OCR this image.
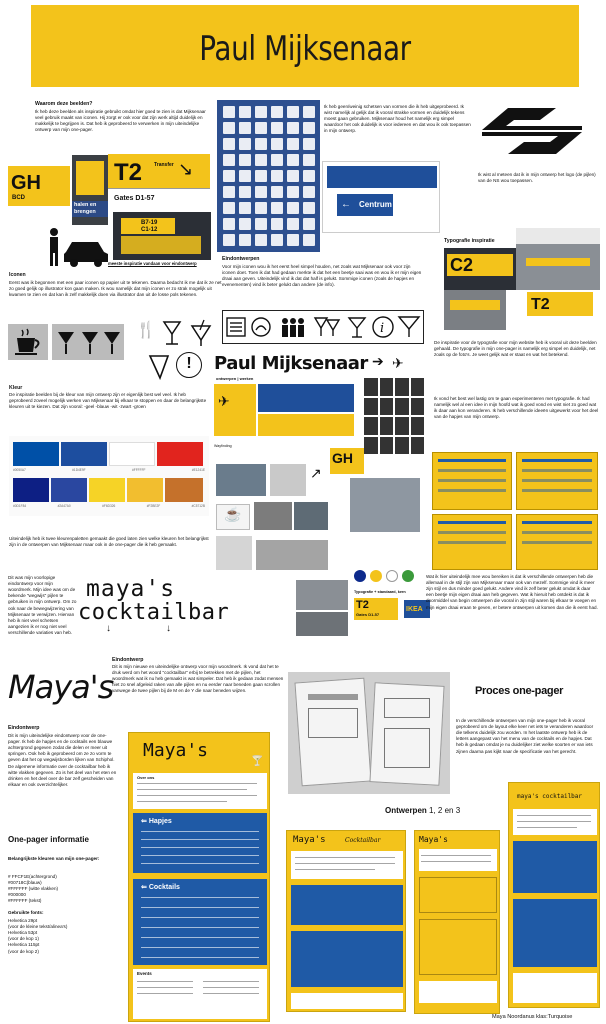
Paul Mijksenaar
Waarom deze beelden?
Ik heb deze beelden als inspiratie gebruikt omdat hier goed te zien is dat Mijksenaar veel gebruik maakt van iconen. Hij zorgt er ook voor dat zijn werk altijd duidelijk en makkelijk te begrijpen is. Dat heb ik geprobeerd te verwerken in mijn uiteindelijke ontwerp van mijn one-pager.
GH
BCD
halen en
brengen
T2 Transfer ↘
Gates D1-57
B7-19
C1-12
meeste inspiratie vandaan voor eindontwerp
Iconen
Eerst was ik begonnen met een paar iconen op papier uit te tekenen. Daarna bedacht ik me dat ik ze net zo goed gelijk op illustrator kon gaan maken. Ik wou namelijk dat mijn iconen er zo strak mogelijk uit kwamen te zien en dat kan ik zelf makkelijk doen via illustrator dan uit de losse pols tekenen.
🍴
!
Ik heb geen/weinig schetsen van vormen die ik heb uitgeprobeerd. Ik wist namelijk al gelijk dat ik vooral strakke vormen en duidelijk tekens moest gaan gebruiken. Mijksenaar houd het namelijk erg simpel waardoor het ook duidelijk is voor iedereen en dat wou ik ook toepassen in mijn ontwerp.
Centrum
←
Ik wist al meteen dat ik in mijn ontwerp het logo (de pijlen) van de NS wou toepassen.
Eindontwerpen
Voor mijn iconen wou ik het eerst heel simpel houden, net zoals wat Mijksenaar ook voor zijn iconen doet. Toen ik dat had gedaan merkte ik dat het een beetje saai was en wou ik er mijn eigen draai aan geven. Uiteindelijk vind ik dat dat half is gelukt. Sommige iconen (zoals de hapjes en evenementen) vind ik beter gelukt dan andere (de info).
i
Typografie inspiratie
C2
T2
De inspiratie voor de typografie voor mijn website heb ik vooral uit deze beelden gehaald. De typografie in mijn one-pager is namelijk erg simpel en duidelijk, net zoals op de foto's. Je weet gelijk wat er staat en wat het betekend.
Ik vond het best wel lastig om te gaan experimenteren met typografie. Ik had namelijk wel al een idee in mijn hoofd wat ik goed vond en wist niet zo goed wat ik daar aan kon veranderen. Ik heb verschillende ideeën uitgewerkt voor het deel van de hapjes van mijn ontwerp.
Kleur
De inspiratie beelden bij de kleur van mijn ontwerp zijn er eigenlijk best wel veel. Ik heb geprobeerd zoveel mogelijk werken van Mijksenaar bij elkaar te stoppen en daar de belangrijkste kleuren uit te kiezen. Dat zijn vooral: -geel -blauw -wit -zwart -groen
#0050A7	#1D4E9F	#FFFFFF	#E1241E
#0D1F84	#2A47A0	#F6D326	#F2BE2F	#C5712B
Uiteindelijk heb ik twee kleurenpaletten gemaakt die goed laten zien welke kleuren het belangrijkst zijn in de ontwerpen van Mijksenaar maar ook in de one-pager die ik heb gemaakt.
Paul Mijksenaar ➔ ✈
ontwerpen | werken
✈
Wayfinding
GH
↗
☕
Typografie + standaard, kern
T2
Gates D1-57
IKEA
Dit was mijn voorlopige eindontwerp voor mijn woordmerk. Mijn idee was om de bekende "wegwijs" pijlen te gebruiken in mijn ontwerp. Om zo ook naar de bewegwijzering van Mijksenaar te verwijzen. Hiervan heb ik niet veel schetsen aangezien ik er nog niet veel verschillende variaties van heb.
maya's
cocktailbar
↓	↓
Maya's
Eindontwerp
Dit is mijn nieuwe en uiteindelijke ontwerp voor mijn woordmerk. Ik vond dat het te druk werd om het woord "cocktailbar" erbij te betrekken met de pijlen, het woordmerk wat ik nu heb gemaakt is wat simpeler. Dat heb ik gedaan zodat mensen niet zo snel afgeleid raken van alle pijlen en nu eerder naar beneden gaan scrollen vanwege de twee pijlen bij de M en de Y die naar beneden wijzen.
Wat ik hier uiteindelijk mee wou bereiken is dat ik verschillende ontwerpen heb die allemaal in de stijl zijn van Mijksenaar maar ook van mezelf. Sommige vind ik meer zijn stijl en dus minder goed gelukt. Andere vind ik zelf beter gelukt omdat ik daar een beetje mijn eigen draai aan heb gegeven. Wat ik hieruit heb ontdekt is dat ik doormiddel van begin ontwerpen die vooral in zijn stijl waren bij elkaar te voegen en mijn eigen draai eraan te geven, er betere ontwerpen uit komen dan die ik eerst had.
Eindontwerp
Dit is mijn uiteindelijke eindontwerp voor de one-pager. Ik heb de hapjes en de cocktails een blauwe achtergrond gegeven zodat die delen er meer uit springen. Ook heb ik geprobeerd om ze zo vorm te geven dat het op wegwijsborden lijken van Schiphol. De algemene informatie over de cocktailbar heb ik witte vlakken gegeven. Zo is het deel van het eten en drinken en het deel over de bar zelf gescheiden van elkaar en ook overzichtelijker.
One-pager informatie
Belangrijkste kleuren van mijn one-pager:
# FFCF1E(achtergrond)
#00718C(blauw)
#FFFFFF (witte vlakken)
#000000
#FFFFFF (tekst)
Gebruikte fonts:
Helvetica 29pt
(voor de kleine tekst/alinea's)
Helvetica 53pt
(voor de kop 1)
Helvetica 115pt
(voor de kop 2)
Maya's
🍸
Over ons
⇐ Hapjes
⇐ Cocktails
Events
Proces one-pager
In de verschillende ontwerpen van mijn one-pager heb ik vooral geprobeerd om de layout elke keer net iets te veranderen waardoor die telkens duidelijk zou worden. In het laatste ontwerp heb ik de letters aangepast van het menu van de cocktails en de hapjes. Dat heb ik gedaan omdat je nu duidelijker ziet welke soorten er van iets zijnen daarna pas kijkt naar de specificatie van het gerecht.
Ontwerpen 1, 2 en 3
Maya's	Cocktailbar	Maya's
maya's cocktailbar
Maya Noordanus klas:Turquoise
